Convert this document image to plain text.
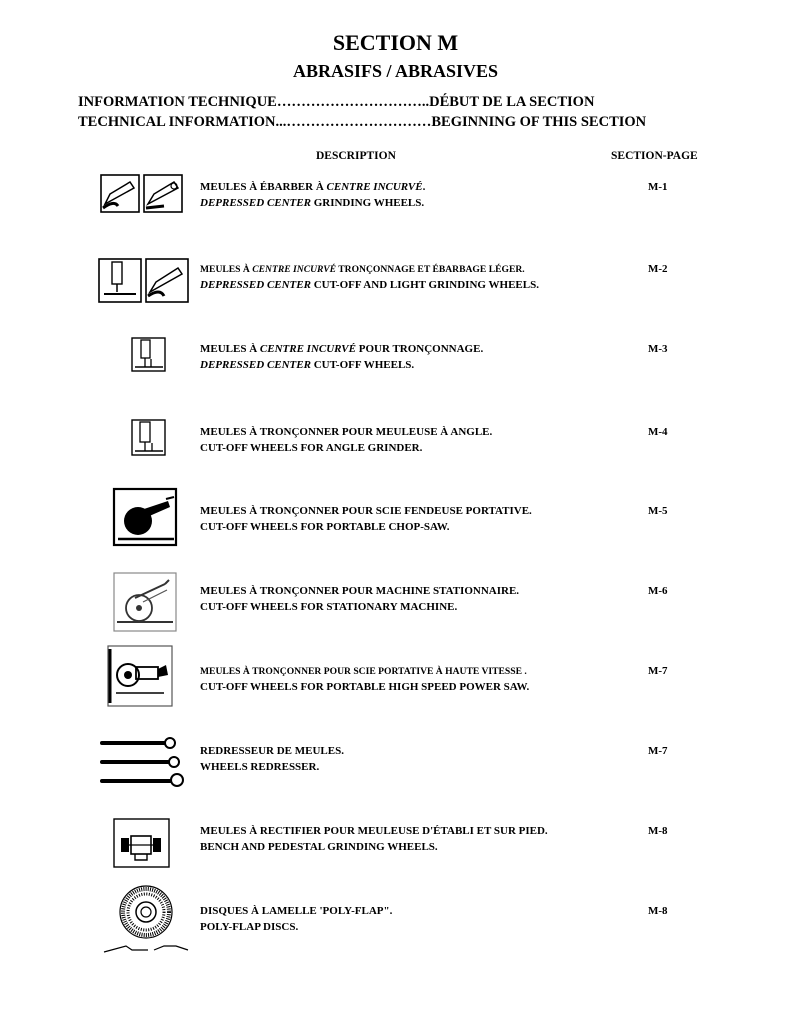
SECTION M
ABRASIFS / ABRASIVES
INFORMATION TECHNIQUE…………………………..DÉBUT DE LA SECTION
TECHNICAL INFORMATION...…………………………BEGINNING OF THIS SECTION
DESCRIPTION	SECTION-PAGE
MEULES À ÉBARBER À CENTRE INCURVÉ.
DEPRESSED CENTER GRINDING WHEELS.
M-1
MEULES À CENTRE INCURVÉ TRONÇONNAGE ET ÉBARBAGE LÉGER.
DEPRESSED CENTER CUT-OFF AND LIGHT GRINDING WHEELS.
M-2
MEULES À CENTRE INCURVÉ POUR TRONÇONNAGE.
DEPRESSED CENTER CUT-OFF WHEELS.
M-3
MEULES À TRONÇONNER POUR MEULEUSE À ANGLE.
CUT-OFF WHEELS FOR ANGLE GRINDER.
M-4
MEULES À TRONÇONNER POUR SCIE FENDEUSE PORTATIVE.
CUT-OFF WHEELS FOR PORTABLE CHOP-SAW.
M-5
MEULES À TRONÇONNER POUR MACHINE STATIONNAIRE.
CUT-OFF WHEELS FOR STATIONARY MACHINE.
M-6
MEULES À TRONÇONNER POUR SCIE PORTATIVE À HAUTE VITESSE .
CUT-OFF WHEELS FOR PORTABLE HIGH SPEED POWER SAW.
M-7
REDRESSEUR DE MEULES.
WHEELS REDRESSER.
M-7
MEULES À RECTIFIER POUR MEULEUSE D'ÉTABLI ET SUR PIED.
BENCH AND PEDESTAL GRINDING WHEELS.
M-8
DISQUES À LAMELLE 'POLY-FLAP".
POLY-FLAP DISCS.
M-8
